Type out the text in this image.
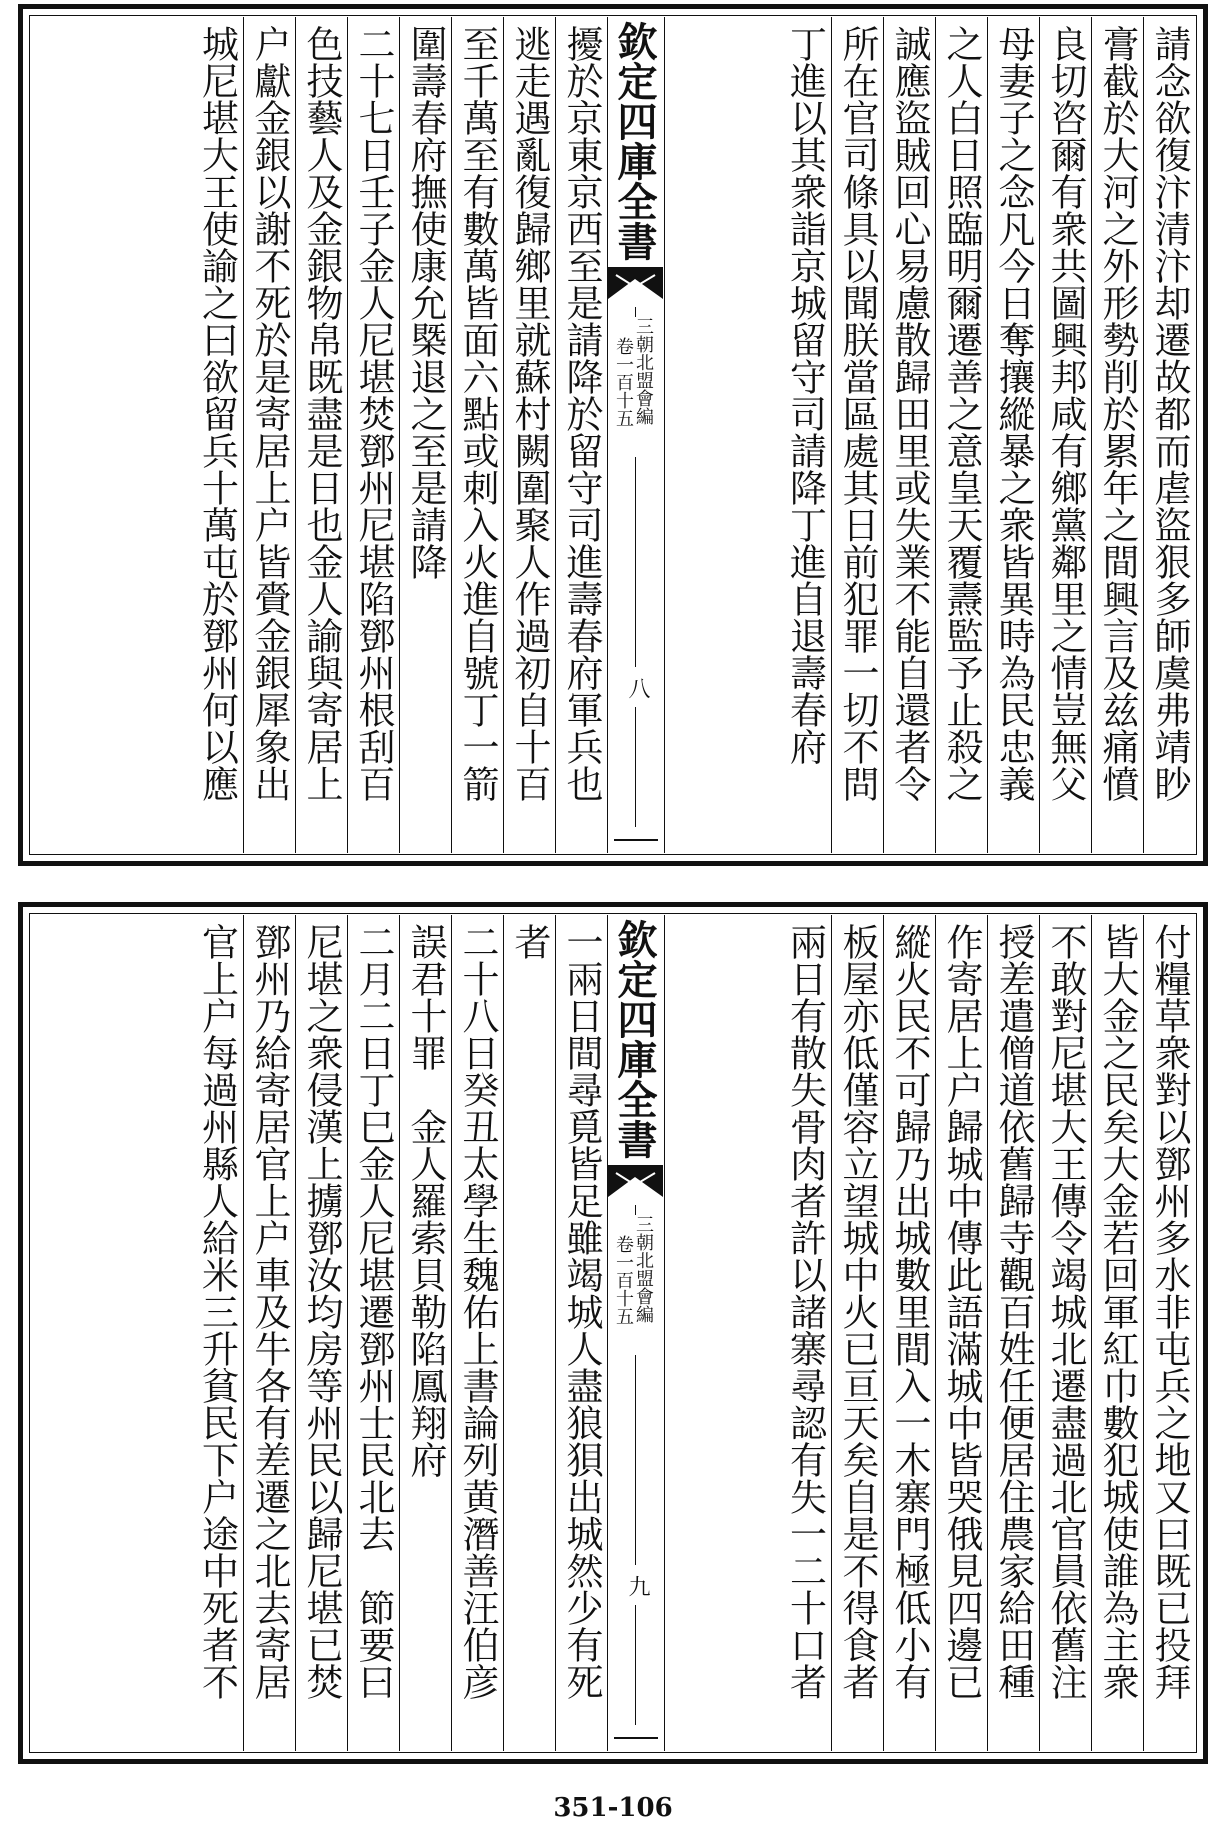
請念欲復汴清汴却遷故都而虐盜狠多師虞弗靖眇
膏截於大河之外形勢削於累年之間興言及兹痛憤
良切咨爾有衆共圖興邦咸有鄉黨鄰里之情豈無父
母妻子之念凡今日奪攘縱暴之衆皆異時為民忠義
之人白日照臨明爾遷善之意皇天覆燾監予止殺之
誠應盜賊回心易慮散歸田里或失業不能自還者令
所在官司條具以聞朕當區處其日前犯罪一切不問
丁進以其衆詣京城留守司請降丁進自退壽春府
欽定四庫全書
三朝北盟會編
卷一百十五
八
擾於京東京西至是請降於留守司進壽春府軍兵也
逃走遇亂復歸鄉里就蘇村闕圍聚人作過初自十百
至千萬至有數萬皆面六點或刺入火進自號丁一箭
圍壽春府撫使康允槩退之至是請降
二十七日壬子金人尼堪焚鄧州尼堪陷鄧州根刮百
色技藝人及金銀物帛既盡是日也金人諭與寄居上
户獻金銀以謝不死於是寄居上户皆賫金銀犀象出
城尼堪大王使諭之曰欲留兵十萬屯於鄧州何以應
付糧草衆對以鄧州多水非屯兵之地又曰既已投拜
皆大金之民矣大金若回軍紅巾數犯城使誰為主衆
不敢對尼堪大王傳令竭城北遷盡過北官員依舊注
授差遣僧道依舊歸寺觀百姓任便居住農家給田種
作寄居上户歸城中傳此語滿城中皆哭俄見四邊已
縱火民不可歸乃出城數里間入一木寨門極低小有
板屋亦低僅容立望城中火已亘天矣自是不得食者
兩日有散失骨肉者許以諸寨尋認有失一二十口者
欽定四庫全書
三朝北盟會編
卷一百十五
九
一兩日間尋覓皆足雖竭城人盡狼狽出城然少有死
者
二十八日癸丑太學生魏佑上書論列黄潛善汪伯彦
誤君十罪　金人羅索貝勒陷鳳翔府
二月二日丁巳金人尼堪遷鄧州士民北去　節要曰
尼堪之衆侵漢上擄鄧汝均房等州民以歸尼堪已焚
鄧州乃給寄居官上户車及牛各有差遷之北去寄居
官上户每過州縣人給米三升貧民下户途中死者不
351-106
